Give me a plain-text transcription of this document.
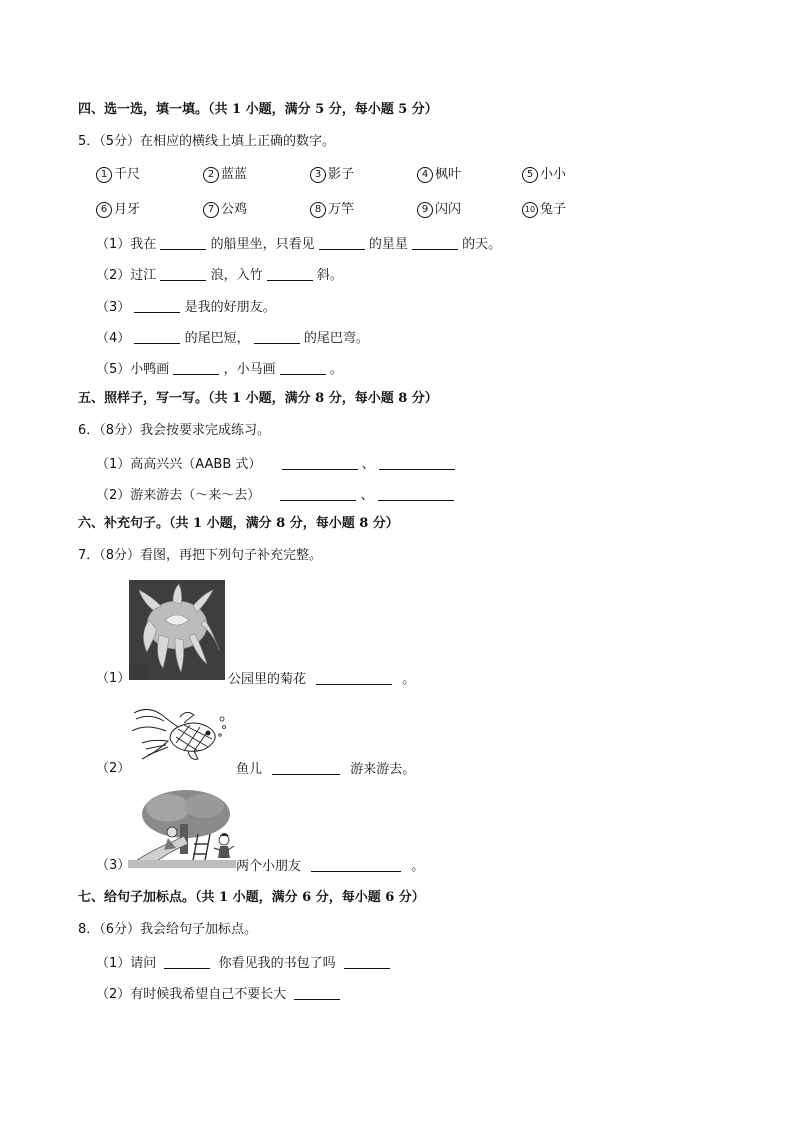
四、选一选，填一填。（共 1 小题，满分 5 分，每小题 5 分）
5．（5分）在相应的横线上填上正确的数字。
1 千尺	2 蓝蓝	3 影子	4 枫叶	5 小小
6 月牙	7 公鸡	8 万竿	9 闪闪	10 兔子
（1）我在	的船里坐，只看见	的星星	的天。
（2）过江	浪，入竹	斜。
（3）	是我的好朋友。
（4）	的尾巴短，	的尾巴弯。
（5）小鸭画	，小马画	。
五、照样子，写一写。（共 1 小题，满分 8 分，每小题 8 分）
6．（8分）我会按要求完成练习。
（1）高高兴兴（AABB 式）	、
（2）游来游去（～来～去）	、
六、补充句子。（共 1 小题，满分 8 分，每小题 8 分）
7．（8分）看图，再把下列句子补充完整。
（1）	公园里的菊花	。
（2）	鱼儿	游来游去。
（3）	两个小朋友	。
七、给句子加标点。（共 1 小题，满分 6 分，每小题 6 分）
8．（6分）我会给句子加标点。
（1）请问	你看见我的书包了吗
（2）有时候我希望自己不要长大
